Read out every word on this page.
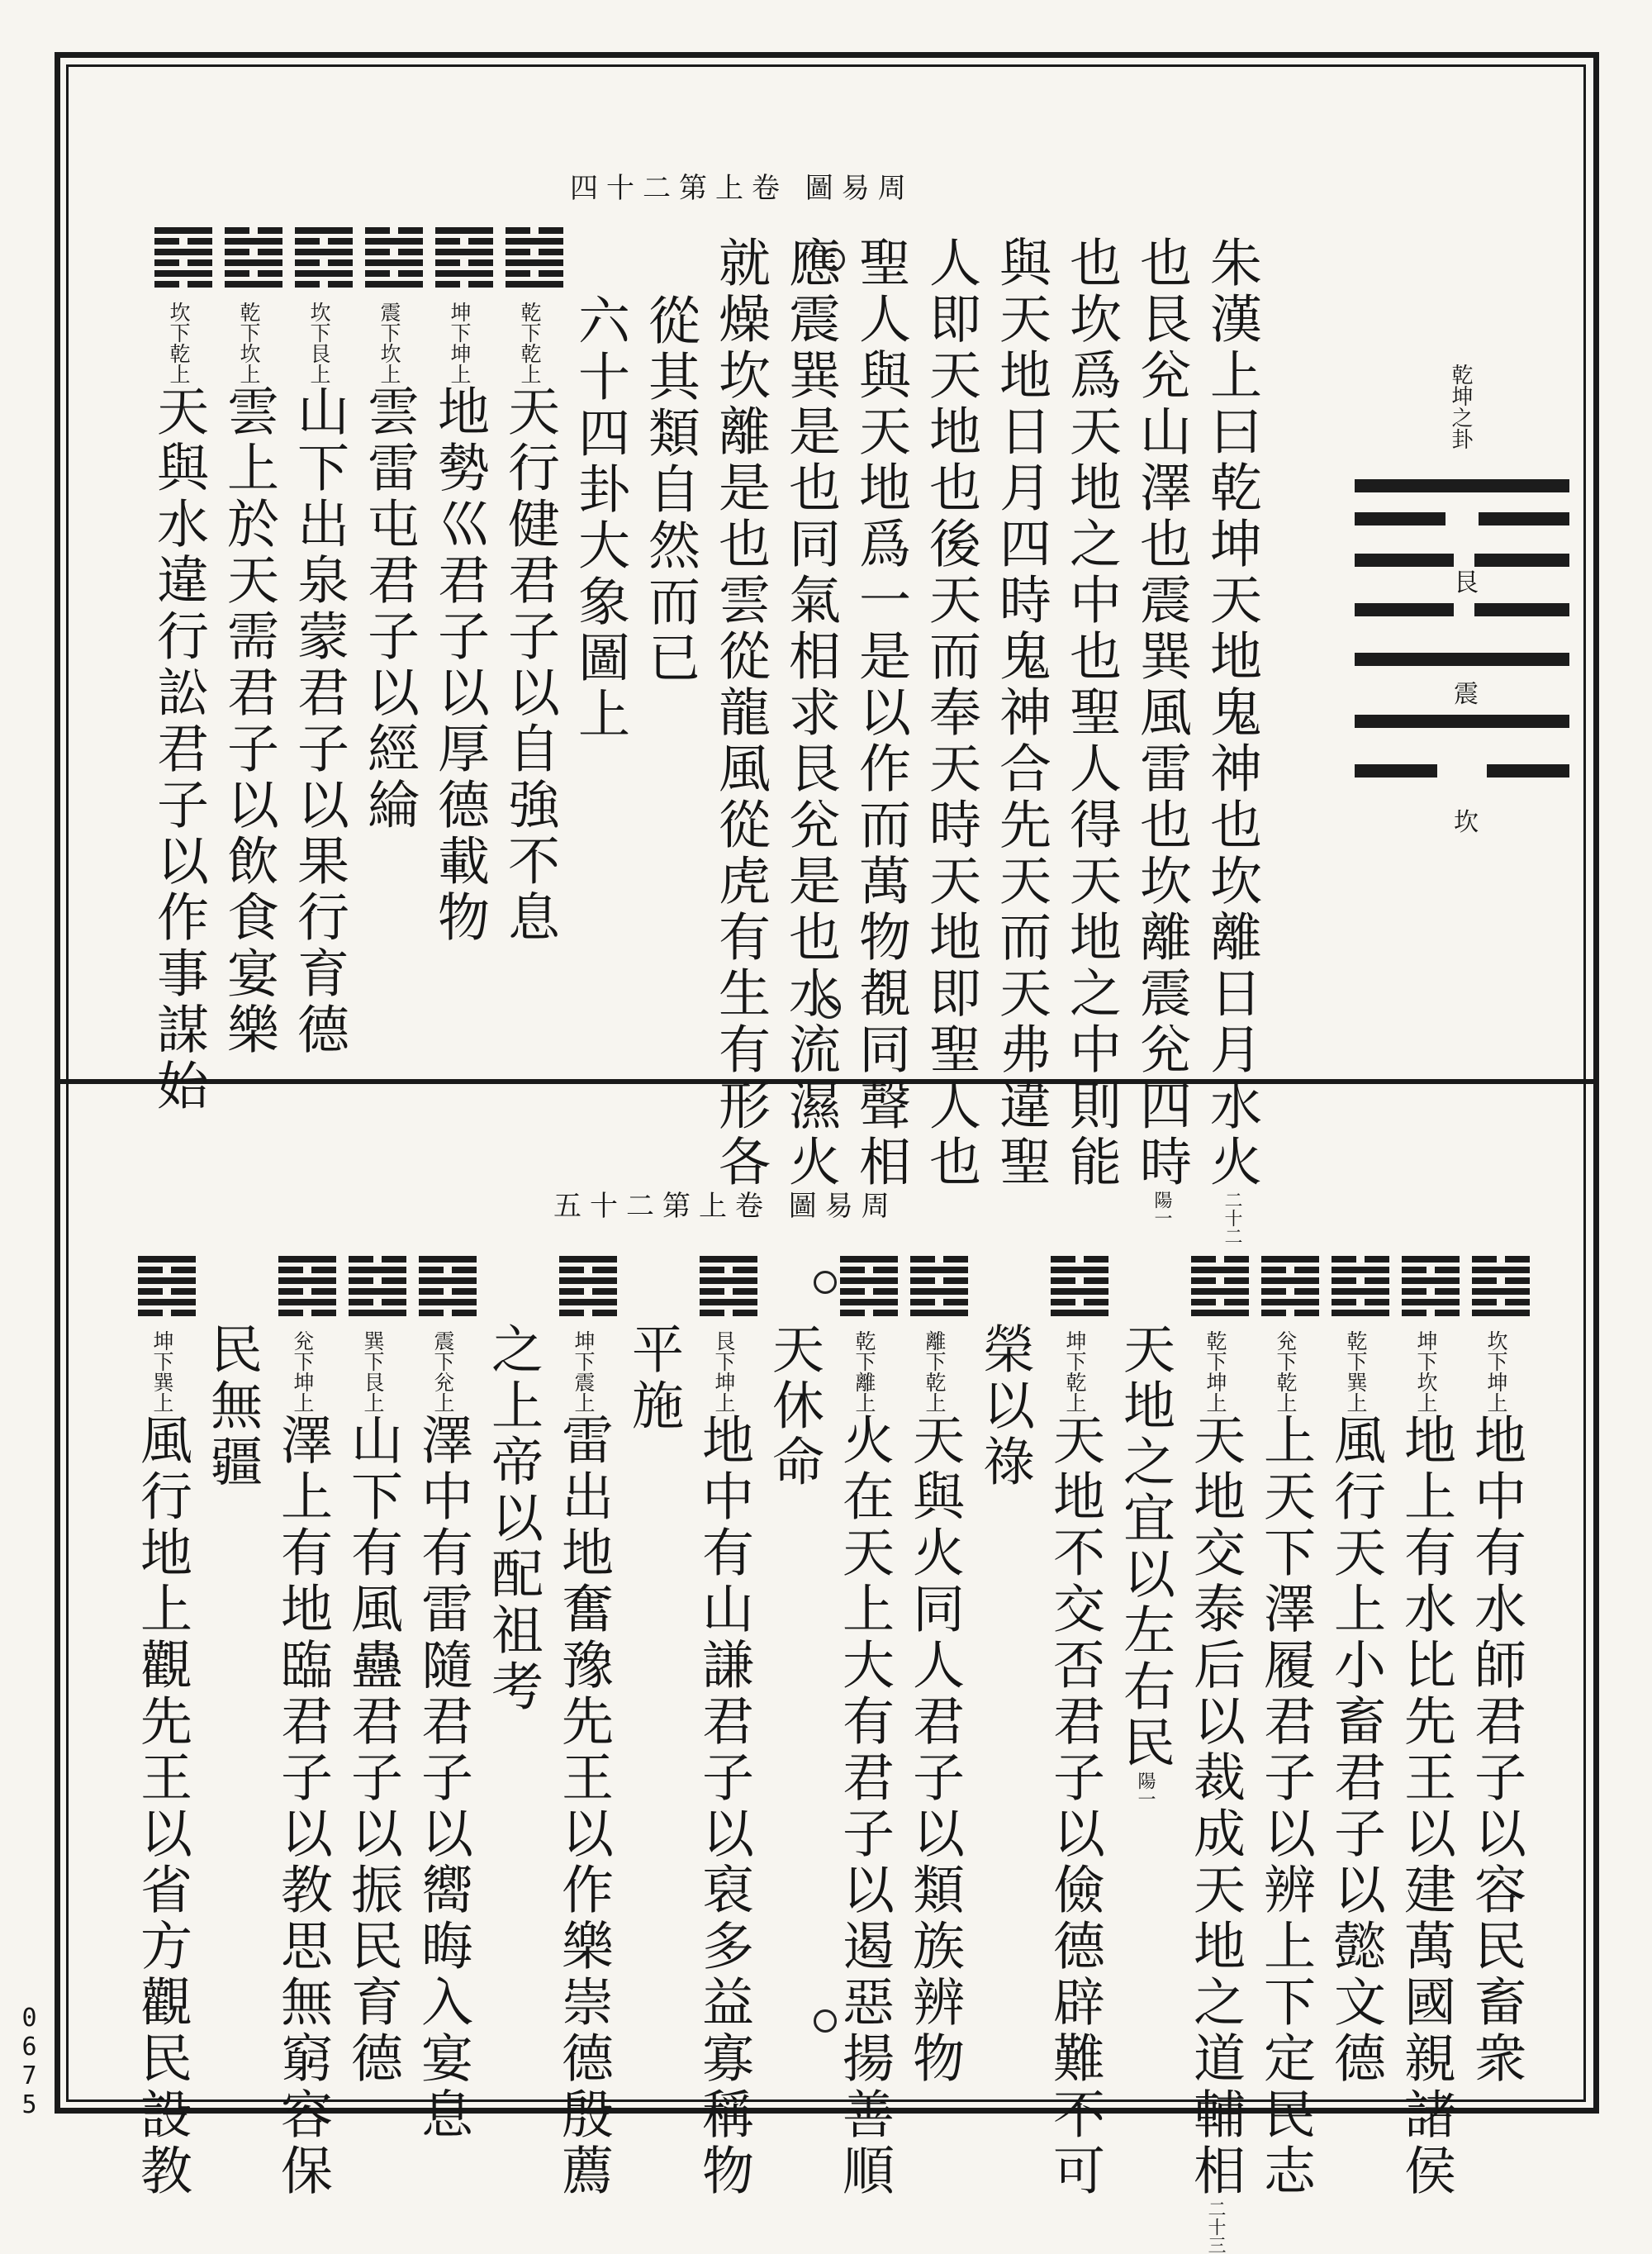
0675
周易圖 卷上第二十四
乾坤之卦
艮
震
坎
朱漢上曰乾坤天地鬼神也坎離日月水火二十二
也艮兊山澤也震巽風雷也坎離震兊四時陽一
也坎爲天地之中也聖人得天地之中則能
與天地日月四時鬼神合先天而天弗違聖
人即天地也後天而奉天時天地即聖人也
聖人與天地爲一是以作而萬物覩同聲相
應震巽是也同氣相求艮兊是也水流濕火
就燥坎離是也雲從龍風從虎有生有形各
從其類自然而已
六十四卦大象圖上
乾下乾上天行健君子以自強不息
坤下坤上地勢巛君子以厚德載物
震下坎上雲雷屯君子以經綸
坎下艮上山下出泉蒙君子以果行育德
乾下坎上雲上於天需君子以飲食宴樂
坎下乾上天與水違行訟君子以作事謀始
坎下坤上地中有水師君子以容民畜衆
坤下坎上地上有水比先王以建萬國親諸侯
乾下巽上風行天上小畜君子以懿文德
兊下乾上上天下澤履君子以辨上下定民志
乾下坤上天地交泰后以裁成天地之道輔相二十三
天地之宜以左右民陽一
坤下乾上天地不交否君子以儉德辟難不可
榮以祿
離下乾上天與火同人君子以類族辨物
乾下離上火在天上大有君子以遏惡揚善順
天休命
艮下坤上地中有山謙君子以裒多益寡稱物
平施
坤下震上雷出地奮豫先王以作樂崇德殷薦
之上帝以配祖考
震下兊上澤中有雷隨君子以嚮晦入宴息
巽下艮上山下有風蠱君子以振民育德
兊下坤上澤上有地臨君子以教思無窮容保
民無疆
坤下巽上風行地上觀先王以省方觀民設教
周易圖 卷上第二十五
